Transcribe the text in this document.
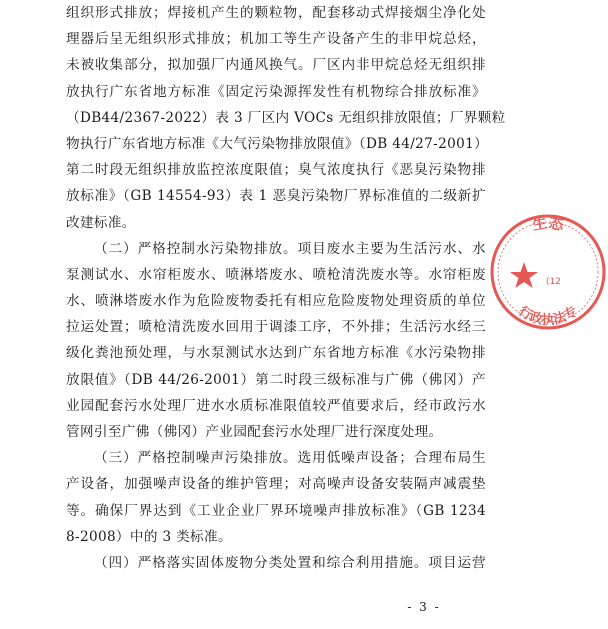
组织形式排放；焊接机产生的颗粒物，配套移动式焊接烟尘净化处
理器后呈无组织形式排放；机加工等生产设备产生的非甲烷总烃，
未被收集部分，拟加强厂内通风换气。厂区内非甲烷总烃无组织排
放执行广东省地方标准《固定污染源挥发性有机物综合排放标准》
（DB44/2367-2022）表 3 厂区内 VOCs 无组织排放限值；厂界颗粒
物执行广东省地方标准《大气污染物排放限值》（DB 44/27-2001）
第二时段无组织排放监控浓度限值；臭气浓度执行《恶臭污染物排
放标准》（GB 14554-93）表 1 恶臭污染物厂界标准值的二级新扩
改建标准。
（二）严格控制水污染物排放。项目废水主要为生活污水、水
泵测试水、水帘柜废水、喷淋塔废水、喷枪清洗废水等。水帘柜废
水、喷淋塔废水作为危险废物委托有相应危险废物处理资质的单位
拉运处置；喷枪清洗废水回用于调漆工序，不外排；生活污水经三
级化粪池预处理，与水泵测试水达到广东省地方标准《水污染物排
放限值》（DB 44/26-2001）第二时段三级标准与广佛（佛冈）产
业园配套污水处理厂进水水质标准限值较严值要求后，经市政污水
管网引至广佛（佛冈）产业园配套污水处理厂进行深度处理。
（三）严格控制噪声污染排放。选用低噪声设备；合理布局生
产设备，加强噪声设备的维护管理；对高噪声设备安装隔声减震垫
等。确保厂界达到《工业企业厂界环境噪声排放标准》（GB 1234
8-2008）中的 3 类标准。
（四）严格落实固体废物分类处置和综合利用措施。项目运营
- 3 -
生态
(12
行政执法专
